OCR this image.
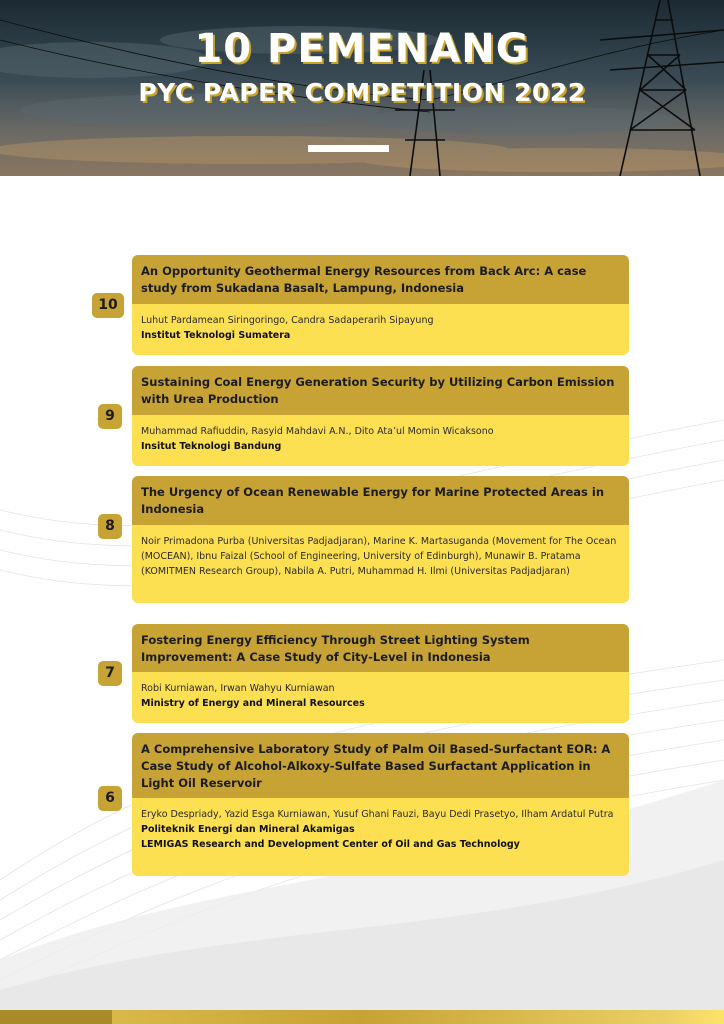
10 PEMENANG
PYC PAPER COMPETITION 2022
10
An Opportunity Geothermal Energy Resources from Back Arc: A case study from Sukadana Basalt, Lampung, Indonesia
Luhut Pardamean Siringoringo, Candra Sadaperarih Sipayung
Institut Teknologi Sumatera
9
Sustaining Coal Energy Generation Security by Utilizing Carbon Emission with Urea Production
Muhammad Rafiuddin, Rasyid Mahdavi A.N., Dito Ata’ul Momin Wicaksono
Insitut Teknologi Bandung
8
The Urgency of Ocean Renewable Energy for Marine Protected Areas in Indonesia
Noir Primadona Purba (Universitas Padjadjaran), Marine K. Martasuganda (Movement for The Ocean (MOCEAN), Ibnu Faizal (School of Engineering, University of Edinburgh), Munawir B. Pratama (KOMITMEN Research Group), Nabila A. Putri, Muhammad H. Ilmi (Universitas Padjadjaran)
7
Fostering Energy Efficiency Through Street Lighting System Improvement: A Case Study of City-Level in Indonesia
Robi Kurniawan, Irwan Wahyu Kurniawan
Ministry of Energy and Mineral Resources
6
A Comprehensive Laboratory Study of Palm Oil Based-Surfactant EOR: A Case Study of Alcohol-Alkoxy-Sulfate Based Surfactant Application in Light Oil Reservoir
Eryko Despriady, Yazid Esga Kurniawan, Yusuf Ghani Fauzi, Bayu Dedi Prasetyo, Ilham Ardatul Putra
Politeknik Energi dan Mineral Akamigas
LEMIGAS Research and Development Center of Oil and Gas Technology
